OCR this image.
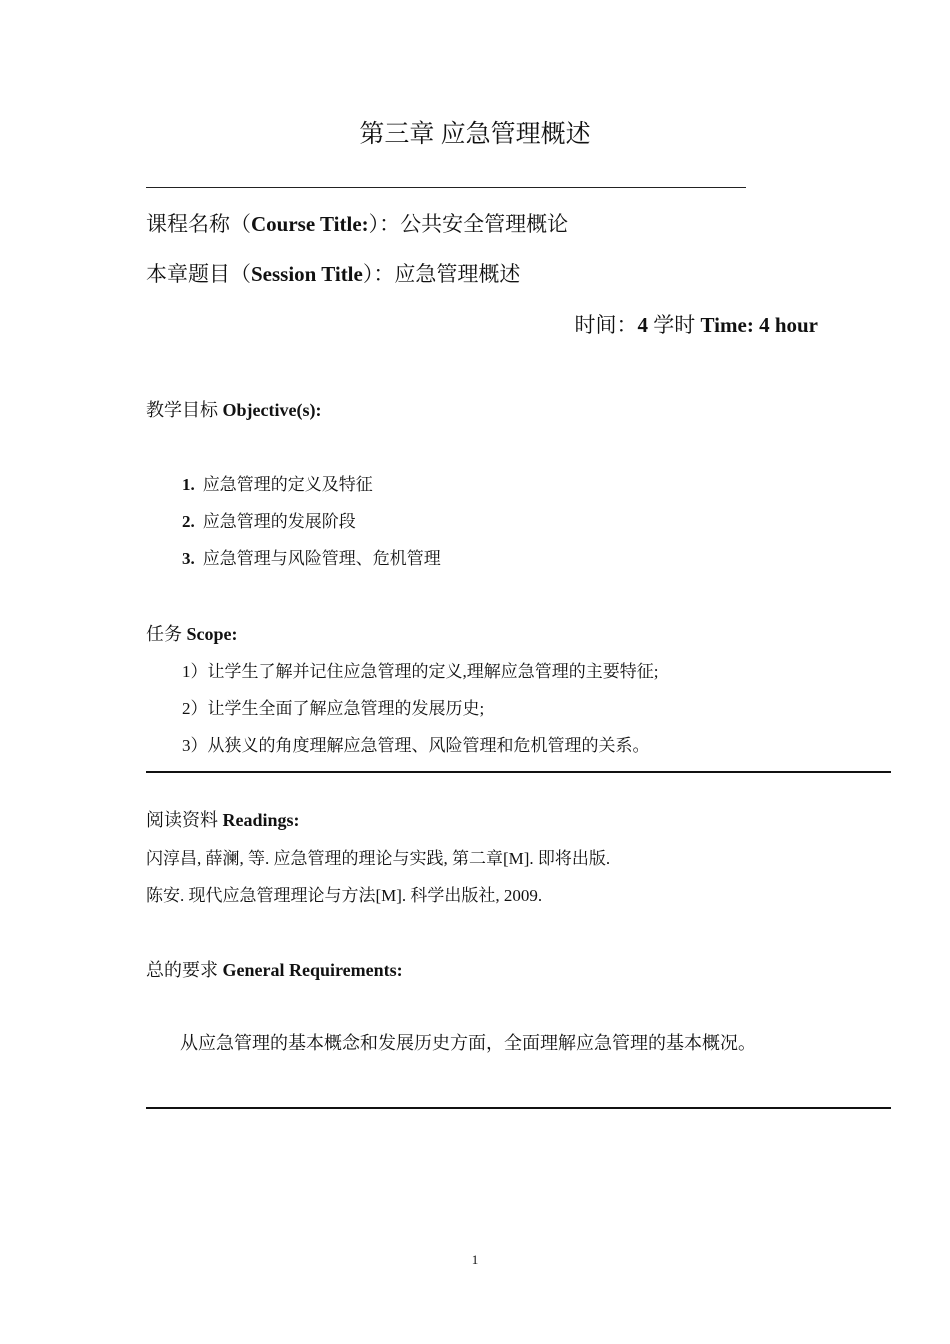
第三章 应急管理概述
课程名称（Course Title:）：公共安全管理概论
本章题目（Session Title）：应急管理概述
时间：4 学时 Time: 4 hour
教学目标 Objective(s):
1. 应急管理的定义及特征
2. 应急管理的发展阶段
3. 应急管理与风险管理、危机管理
任务 Scope:
1）让学生了解并记住应急管理的定义,理解应急管理的主要特征;
2）让学生全面了解应急管理的发展历史;
3）从狭义的角度理解应急管理、风险管理和危机管理的关系。
阅读资料 Readings:
闪淳昌, 薛澜, 等. 应急管理的理论与实践, 第二章[M]. 即将出版.
陈安. 现代应急管理理论与方法[M]. 科学出版社, 2009.
总的要求 General Requirements:
从应急管理的基本概念和发展历史方面，全面理解应急管理的基本概况。
1
